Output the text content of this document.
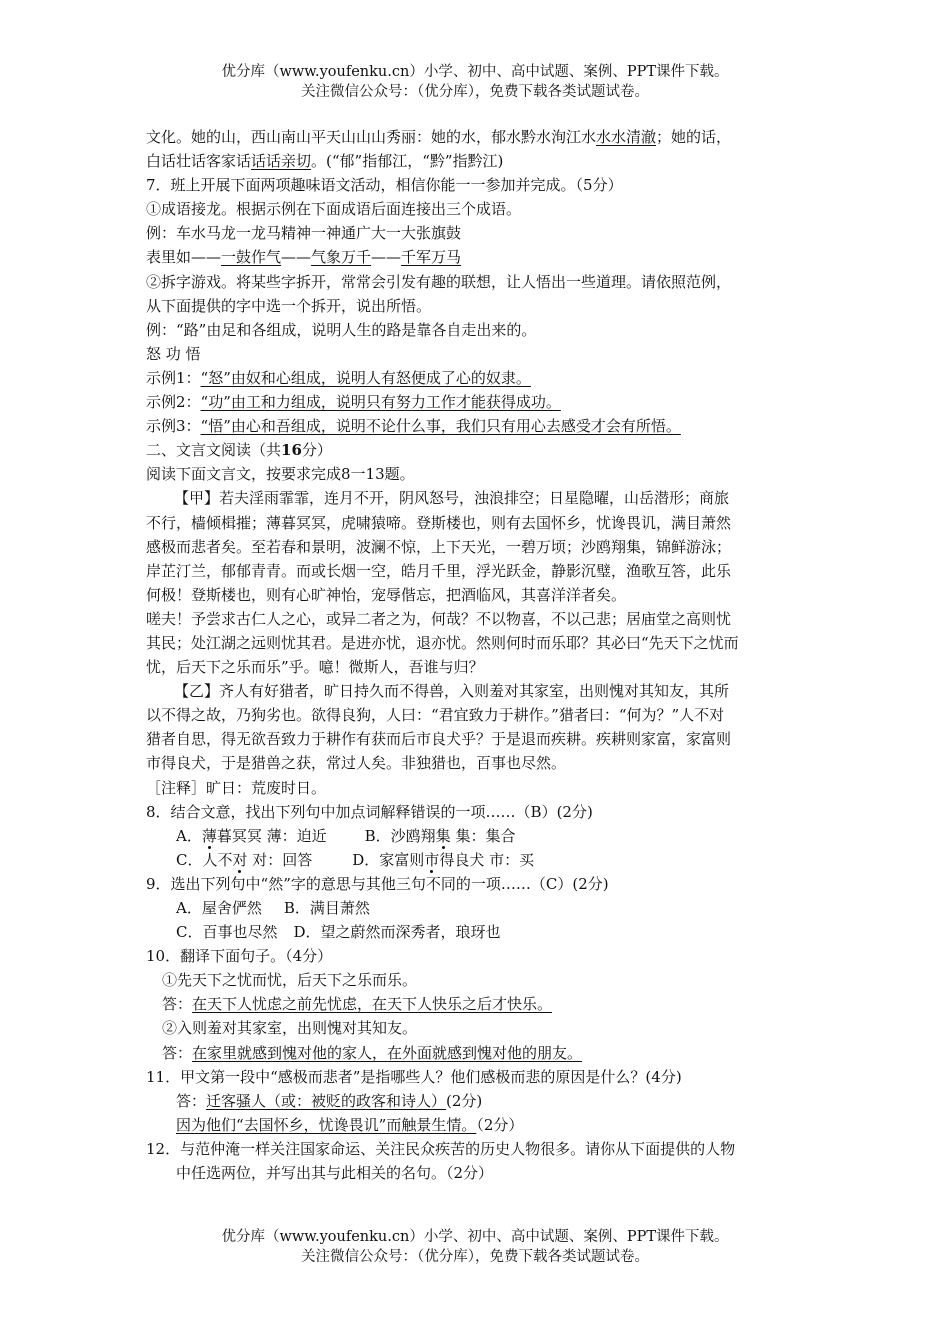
优分库（www.youfenku.cn）小学、初中、高中试题、案例、PPT课件下载。
关注微信公众号：（优分库），免费下载各类试题试卷。

文化。她的山，西山南山平天山山山秀丽：她的水，郁水黔水洵江水水水清澈；她的话，

白话壮话客家话话话亲切。(“郁”指郁江，“黔”指黔江)

7．班上开展下面两项趣味语文活动，相信你能一一参加并完成。（5分）

①成语接龙。根据示例在下面成语后面连接出三个成语。

例：车水马龙一龙马精神一神通广大一大张旗鼓

表里如——一鼓作气——气象万千——千军万马

②拆字游戏。将某些字拆开，常常会引发有趣的联想，让人悟出一些道理。请依照范例，

从下面提供的字中选一个拆开，说出所悟。

例：“路”由足和各组成，说明人生的路是靠各自走出来的。

怒 功 悟

示例1：“怒”由奴和心组成，说明人有怒便成了心的奴隶。

示例2：“功”由工和力组成，说明只有努力工作才能获得成功。

示例3：“悟”由心和吾组成，说明不论什么事，我们只有用心去感受才会有所悟。

二、文言文阅读（共16分）

阅读下面文言文，按要求完成8一13题。

【甲】若夫淫雨霏霏，连月不开，阴风怒号，浊浪排空；日星隐曜，山岳潜形；商旅

不行，樯倾楫摧；薄暮冥冥，虎啸猿啼。登斯楼也，则有去国怀乡，忧谗畏讥，满目萧然

感极而悲者矣。至若春和景明，波澜不惊，上下天光，一碧万顷；沙鸥翔集，锦鲜游泳；

岸芷汀兰，郁郁青青。而或长烟一空，皓月千里，浮光跃金，静影沉璧，渔歌互答，此乐

何极！登斯楼也，则有心旷神怡，宠辱偕忘，把酒临风，其喜洋洋者矣。

嗟夫！予尝求古仁人之心，或异二者之为，何哉？不以物喜，不以己悲；居庙堂之高则忧

其民；处江湖之远则忧其君。是进亦忧，退亦忧。然则何时而乐耶？其必曰“先天下之忧而

忧，后天下之乐而乐”乎。噫！微斯人，吾谁与归？

【乙】齐人有好猎者，旷日持久而不得兽，入则羞对其家室，出则愧对其知友，其所

以不得之故，乃狗劣也。欲得良狗，人曰：“君宜致力于耕作。”猎者曰：“何为？”人不对

猎者自思，得无欲吾致力于耕作有获而后市良犬乎？于是退而疾耕。疾耕则家富，家富则

市得良犬，于是猎兽之获，常过人矣。非独猎也，百事也尽然。

［注释］旷日：荒废时日。

8．结合文意，找出下列句中加点词解释错误的一项……（B）(2分)

A．薄暮冥冥 薄：迫近	B．沙鸥翔集 集：集合

C．人不对 对：回答	D．家富则市得良犬 市：买

9．选出下列句中“然”字的意思与其他三句不同的一项……（C）(2分)

A．屋舍俨然 B．满目萧然

C．百事也尽然 D．望之蔚然而深秀者，琅玡也

10．翻译下面句子。（4分）

①先天下之忧而忧，后天下之乐而乐。

答：在天下人忧虑之前先忧虑，在天下人快乐之后才快乐。

②入则羞对其家室，出则愧对其知友。

答：在家里就感到愧对他的家人，在外面就感到愧对他的朋友。

11．甲文第一段中“感极而悲者”是指哪些人？他们感极而悲的原因是什么？(4分)

答：迁客骚人（或：被贬的政客和诗人）(2分)

因为他们“去国怀乡，忧谗畏讥”而触景生情。（2分）

12．与范仲淹一样关注国家命运、关注民众疾苦的历史人物很多。请你从下面提供的人物

中任选两位，并写出其与此相关的名句。（2分）

优分库（www.youfenku.cn）小学、初中、高中试题、案例、PPT课件下载。
关注微信公众号：（优分库），免费下载各类试题试卷。
